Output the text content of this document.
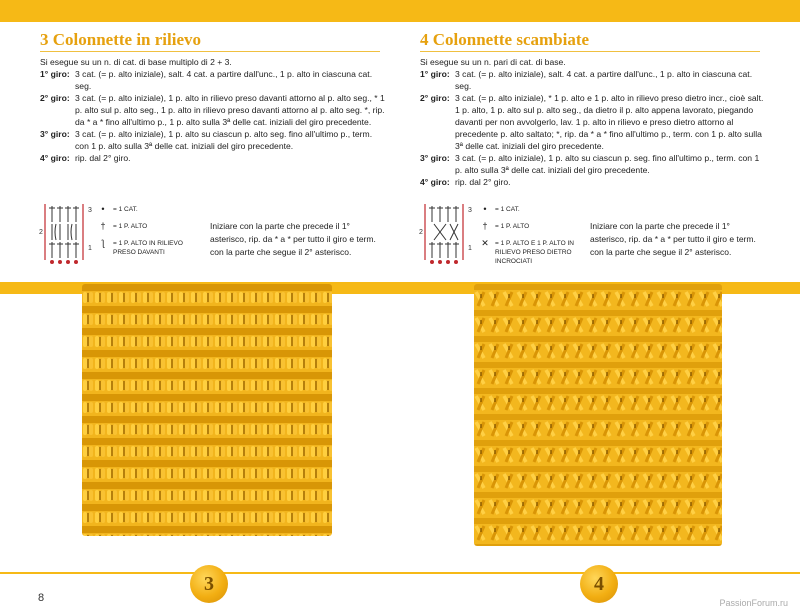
3 Colonnette in rilievo
Si esegue su un n. di cat. di base multiplo di 2 + 3.
1° giro: 3 cat. (= p. alto iniziale), salt. 4 cat. a partire dall'unc., 1 p. alto in ciascuna cat. seg.
2° giro: 3 cat. (= p. alto iniziale), 1 p. alto in rilievo preso davanti attorno al p. alto seg., * 1 p. alto sul p. alto seg., 1 p. alto in rilievo preso davanti attorno al p. alto seg. *, rip. da * a * fino all'ultimo p., 1 p. alto sulla 3ª delle cat. iniziali del giro precedente.
3° giro: 3 cat. (= p. alto iniziale), 1 p. alto su ciascun p. alto seg. fino all'ultimo p., term. con 1 p. alto sulla 3ª delle cat. iniziali del giro precedente.
4° giro: rip. dal 2° giro.
3
2
1
•	= 1 CAT.
†	= 1 P. ALTO
ƪ	= 1 P. ALTO IN RILIEVO PRESO DAVANTI
Iniziare con la parte che precede il 1° asterisco, rip. da * a * per tutto il giro e term. con la parte che segue il 2° asterisco.
4 Colonnette scambiate
Si esegue su un n. pari di cat. di base.
1° giro: 3 cat. (= p. alto iniziale), salt. 4 cat. a partire dall'unc., 1 p. alto in ciascuna cat. seg.
2° giro: 3 cat. (= p. alto iniziale), * 1 p. alto e 1 p. alto in rilievo preso dietro incr., cioè salt. 1 p. alto, 1 p. alto sul p. alto seg., da dietro il p. alto appena lavorato, piegando davanti per non avvolgerlo, lav. 1 p. alto in rilievo e preso dietro attorno al precedente p. alto saltato; *, rip. da * a * fino all'ultimo p., term. con 1 p. alto sulla 3ª delle cat. iniziali del giro precedente.
3° giro: 3 cat. (= p. alto iniziale), 1 p. alto su ciascun p. seg. fino all'ultimo p., term. con 1 p. alto sulla 3ª delle cat. iniziali del giro precedente.
4° giro: rip. dal 2° giro.
3
2
1
•	= 1 CAT.
†	= 1 P. ALTO
✕ = 1 P. ALTO E 1 P. ALTO IN RILIEVO PRESO DIETRO INCROCIATI
Iniziare con la parte che precede il 1° asterisco, rip. da * a * per tutto il giro e term. con la parte che segue il 2° asterisco.
3	4
8	PassionForum.ru
